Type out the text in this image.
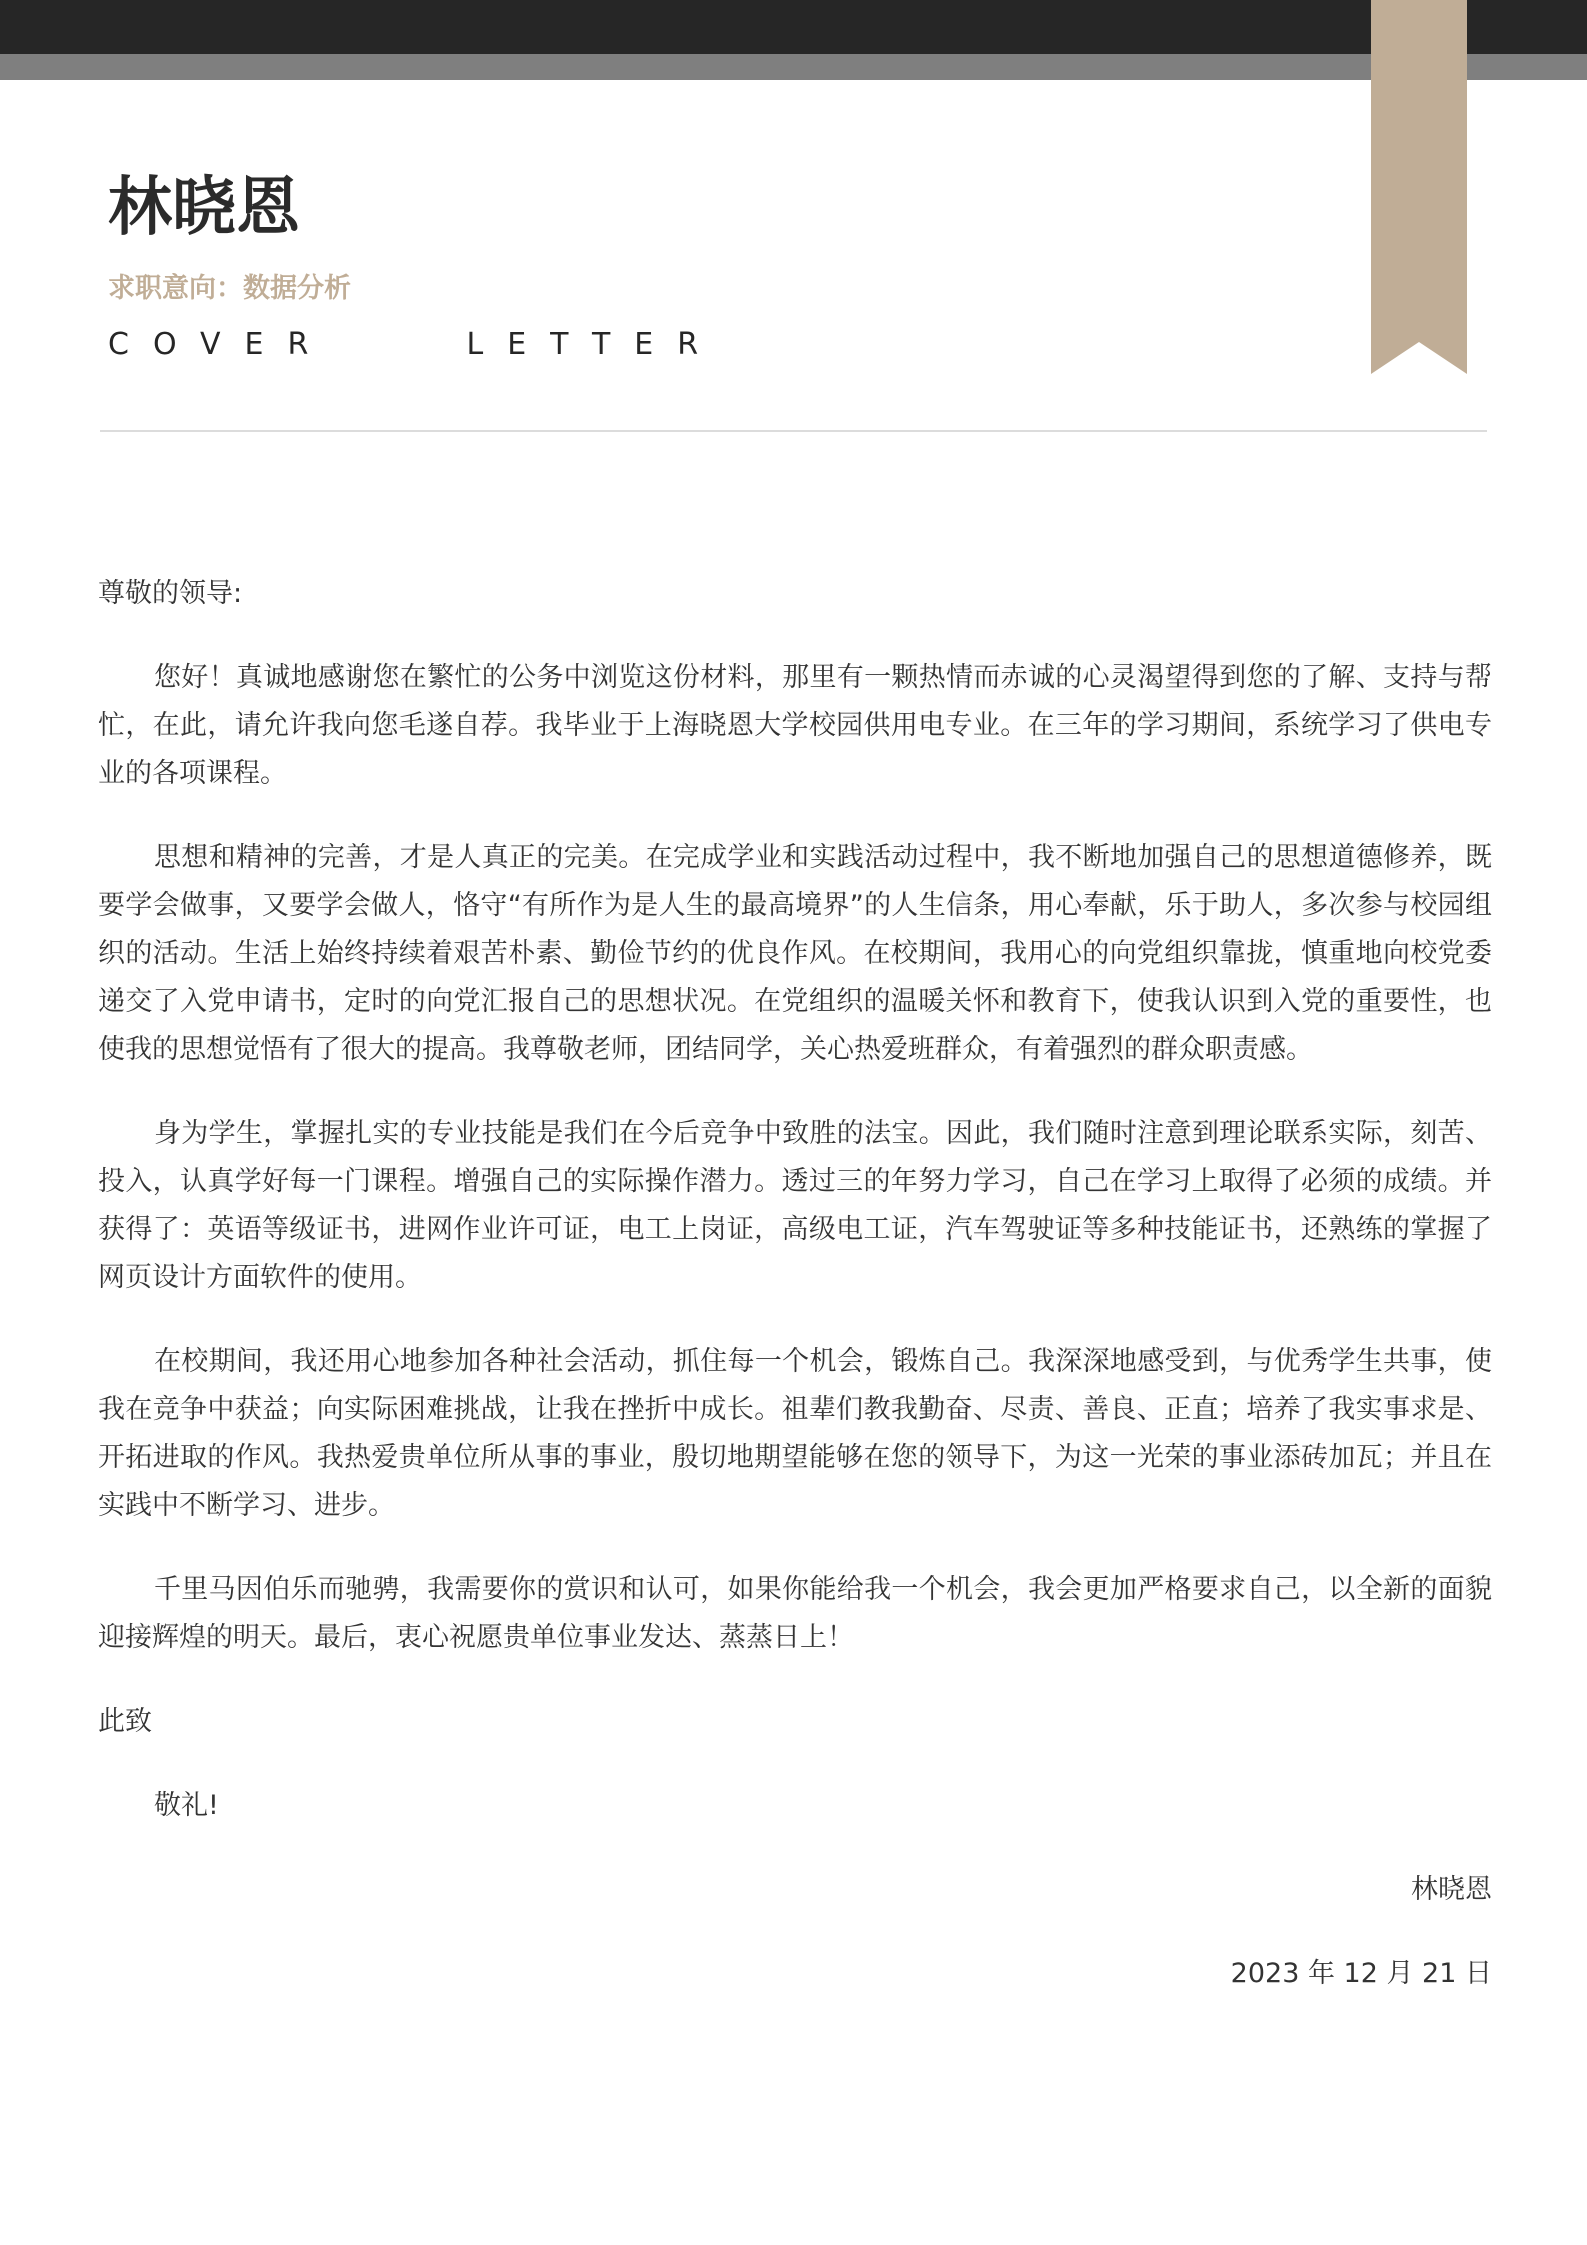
林晓恩
求职意向：数据分析
COVER    LETTER

尊敬的领导:

您好！真诚地感谢您在繁忙的公务中浏览这份材料，那里有一颗热情而赤诚的心灵渴望得到您的了解、支持与帮忙，在此，请允许我向您毛遂自荐。我毕业于上海晓恩大学校园供用电专业。在三年的学习期间，系统学习了供电专业的各项课程。

思想和精神的完善，才是人真正的完美。在完成学业和实践活动过程中，我不断地加强自己的思想道德修养，既要学会做事，又要学会做人，恪守“有所作为是人生的最高境界”的人生信条，用心奉献，乐于助人，多次参与校园组织的活动。生活上始终持续着艰苦朴素、勤俭节约的优良作风。在校期间，我用心的向党组织靠拢，慎重地向校党委递交了入党申请书，定时的向党汇报自己的思想状况。在党组织的温暖关怀和教育下，使我认识到入党的重要性，也使我的思想觉悟有了很大的提高。我尊敬老师，团结同学，关心热爱班群众，有着强烈的群众职责感。

身为学生，掌握扎实的专业技能是我们在今后竞争中致胜的法宝。因此，我们随时注意到理论联系实际，刻苦、投入，认真学好每一门课程。增强自己的实际操作潜力。透过三的年努力学习，自己在学习上取得了必须的成绩。并获得了：英语等级证书，进网作业许可证，电工上岗证，高级电工证，汽车驾驶证等多种技能证书，还熟练的掌握了网页设计方面软件的使用。

在校期间，我还用心地参加各种社会活动，抓住每一个机会，锻炼自己。我深深地感受到，与优秀学生共事，使我在竞争中获益；向实际困难挑战，让我在挫折中成长。祖辈们教我勤奋、尽责、善良、正直；培养了我实事求是、开拓进取的作风。我热爱贵单位所从事的事业，殷切地期望能够在您的领导下，为这一光荣的事业添砖加瓦；并且在实践中不断学习、进步。

千里马因伯乐而驰骋，我需要你的赏识和认可，如果你能给我一个机会，我会更加严格要求自己，以全新的面貌迎接辉煌的明天。最后，衷心祝愿贵单位事业发达、蒸蒸日上！

此致

敬礼!

林晓恩

2023 年 12 月 21 日
